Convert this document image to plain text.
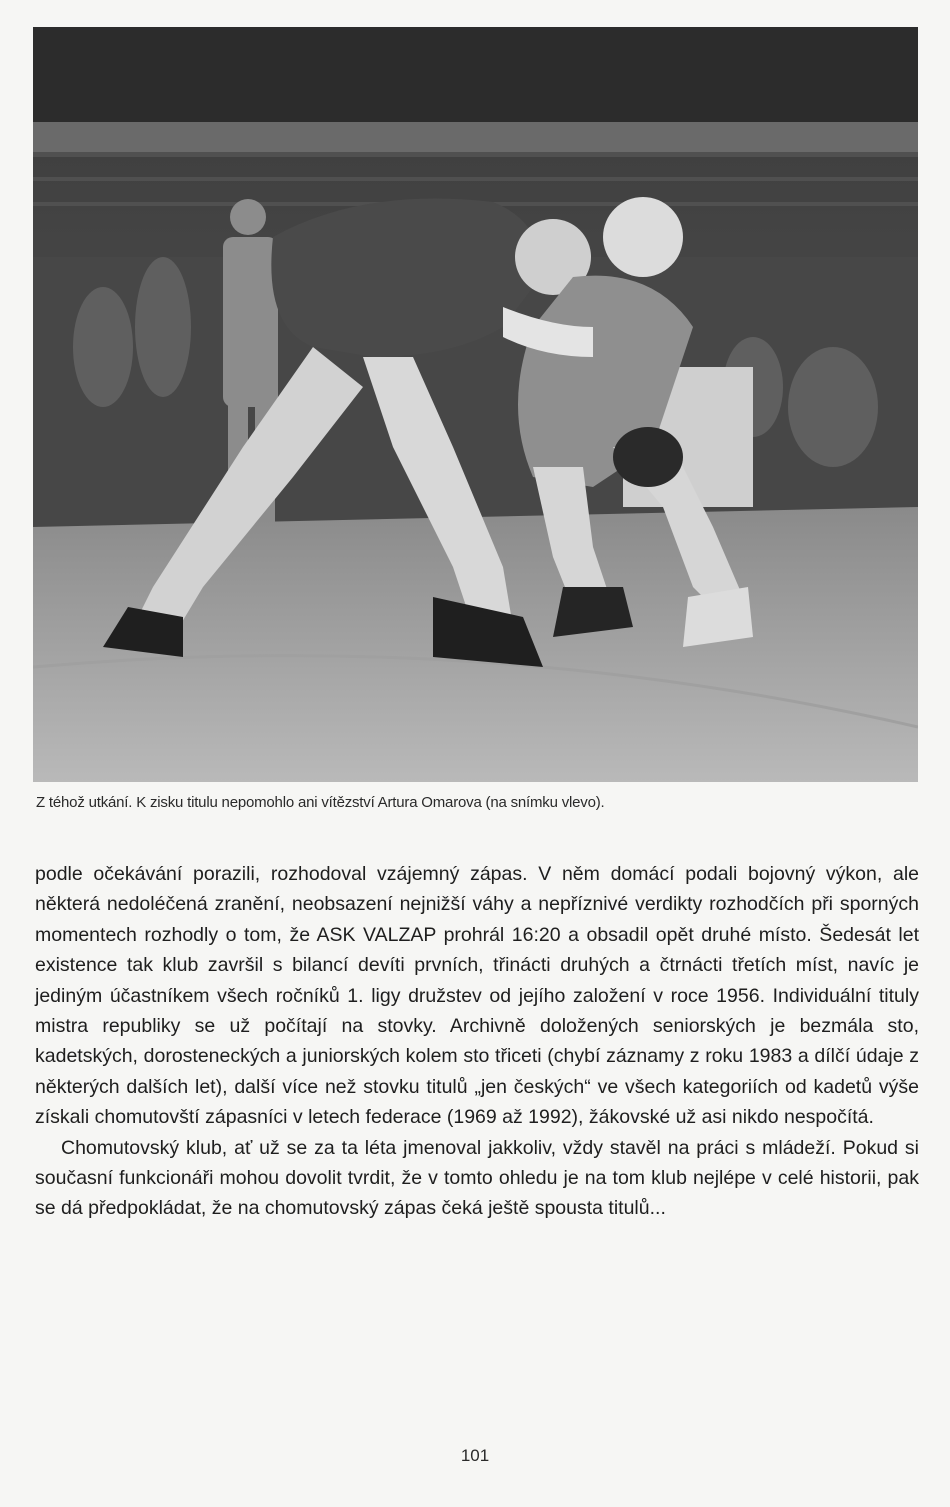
Z téhož utkání. K zisku titulu nepomohlo ani vítězství Artura Omarova (na snímku vlevo).

podle očekávání porazili, rozhodoval vzájemný zápas. V něm domácí podali bojovný výkon, ale některá nedoléčená zranění, neobsazení nejnižší váhy a nepříznivé verdikty rozhodčích při sporných momentech rozhodly o tom, že ASK VALZAP prohrál 16:20 a obsadil opět druhé místo. Šedesát let existence tak klub završil s bilancí devíti prvních, třinácti druhých a čtrnácti třetích míst, navíc je jediným účastníkem všech ročníků 1. ligy družstev od jejího založení v roce 1956. Individuální tituly mistra republiky se už počítají na stovky. Archivně doložených seniorských je bezmála sto, kadetských, dorosteneckých a juniorských kolem sto třiceti (chybí záznamy z roku 1983 a dílčí údaje z některých dalších let), další více než stovku titulů „jen českých“ ve všech kategoriích od kadetů výše získali chomutovští zápasníci v letech federace (1969 až 1992), žákovské už asi nikdo nespočítá.

Chomutovský klub, ať už se za ta léta jmenoval jakkoliv, vždy stavěl na práci s mládeží. Pokud si současní funkcionáři mohou dovolit tvrdit, že v tomto ohledu je na tom klub nejlépe v celé historii, pak se dá předpokládat, že na chomutovský zápas čeká ještě spousta titulů...

101
